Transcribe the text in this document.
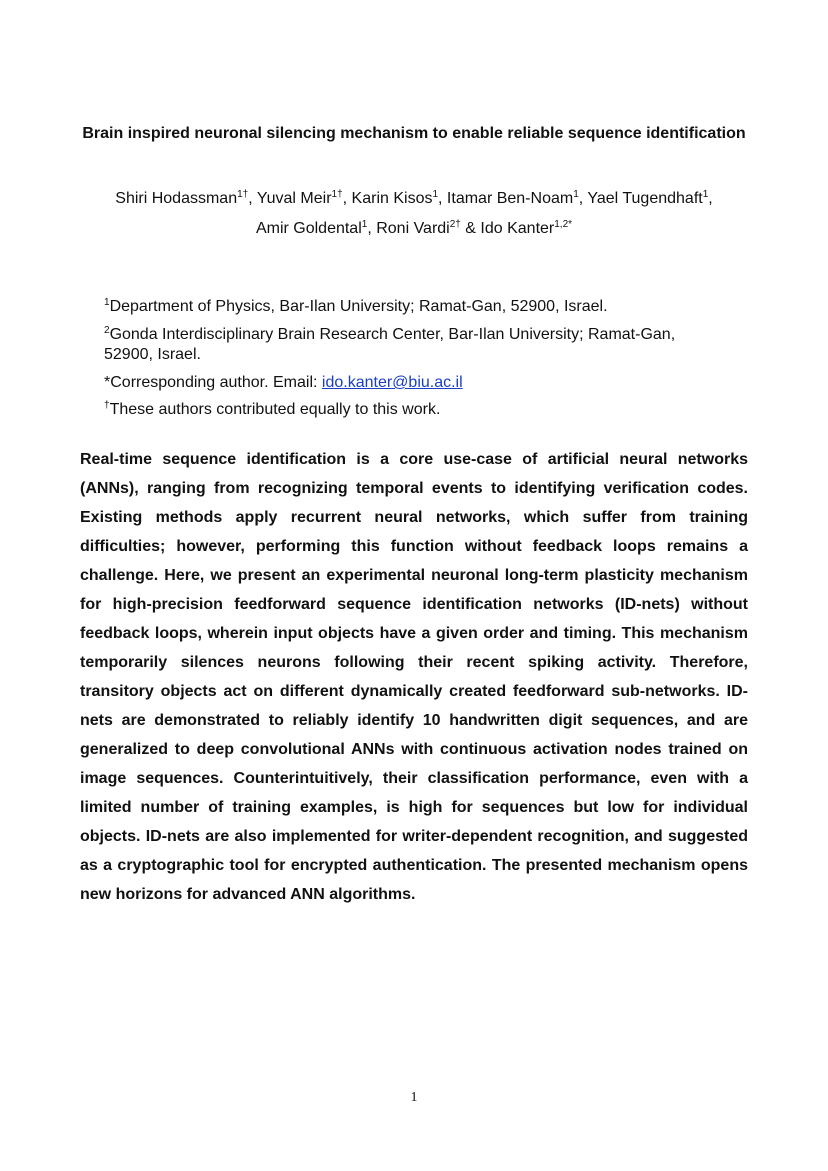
Brain inspired neuronal silencing mechanism to enable reliable sequence identification
Shiri Hodassman$^{1\dagger}$, Yuval Meir$^{1\dagger}$, Karin Kisos$^1$, Itamar Ben-Noam$^1$, Yael Tugendhaft$^1$,
Amir Goldental$^1$, Roni Vardi$^{2\dagger}$ & Ido Kanter$^{1,2*}$
$^1$Department of Physics, Bar-Ilan University; Ramat-Gan, 52900, Israel.
$^2$Gonda Interdisciplinary Brain Research Center, Bar-Ilan University; Ramat-Gan, 52900, Israel.
*Corresponding author. Email: ido.kanter@biu.ac.il
†These authors contributed equally to this work.

Real-time sequence identification is a core use-case of artificial neural networks (ANNs), ranging from recognizing temporal events to identifying verification codes. Existing methods apply recurrent neural networks, which suffer from training difficulties; however, performing this function without feedback loops remains a challenge. Here, we present an experimental neuronal long-term plasticity mechanism for high-precision feedforward sequence identification networks (ID-nets) without feedback loops, wherein input objects have a given order and timing. This mechanism temporarily silences neurons following their recent spiking activity. Therefore, transitory objects act on different dynamically created feedforward sub-networks. ID-nets are demonstrated to reliably identify 10 handwritten digit sequences, and are generalized to deep convolutional ANNs with continuous activation nodes trained on image sequences. Counterintuitively, their classification performance, even with a limited number of training examples, is high for sequences but low for individual objects. ID-nets are also implemented for writer-dependent recognition, and suggested as a cryptographic tool for encrypted authentication. The presented mechanism opens new horizons for advanced ANN algorithms.

1
